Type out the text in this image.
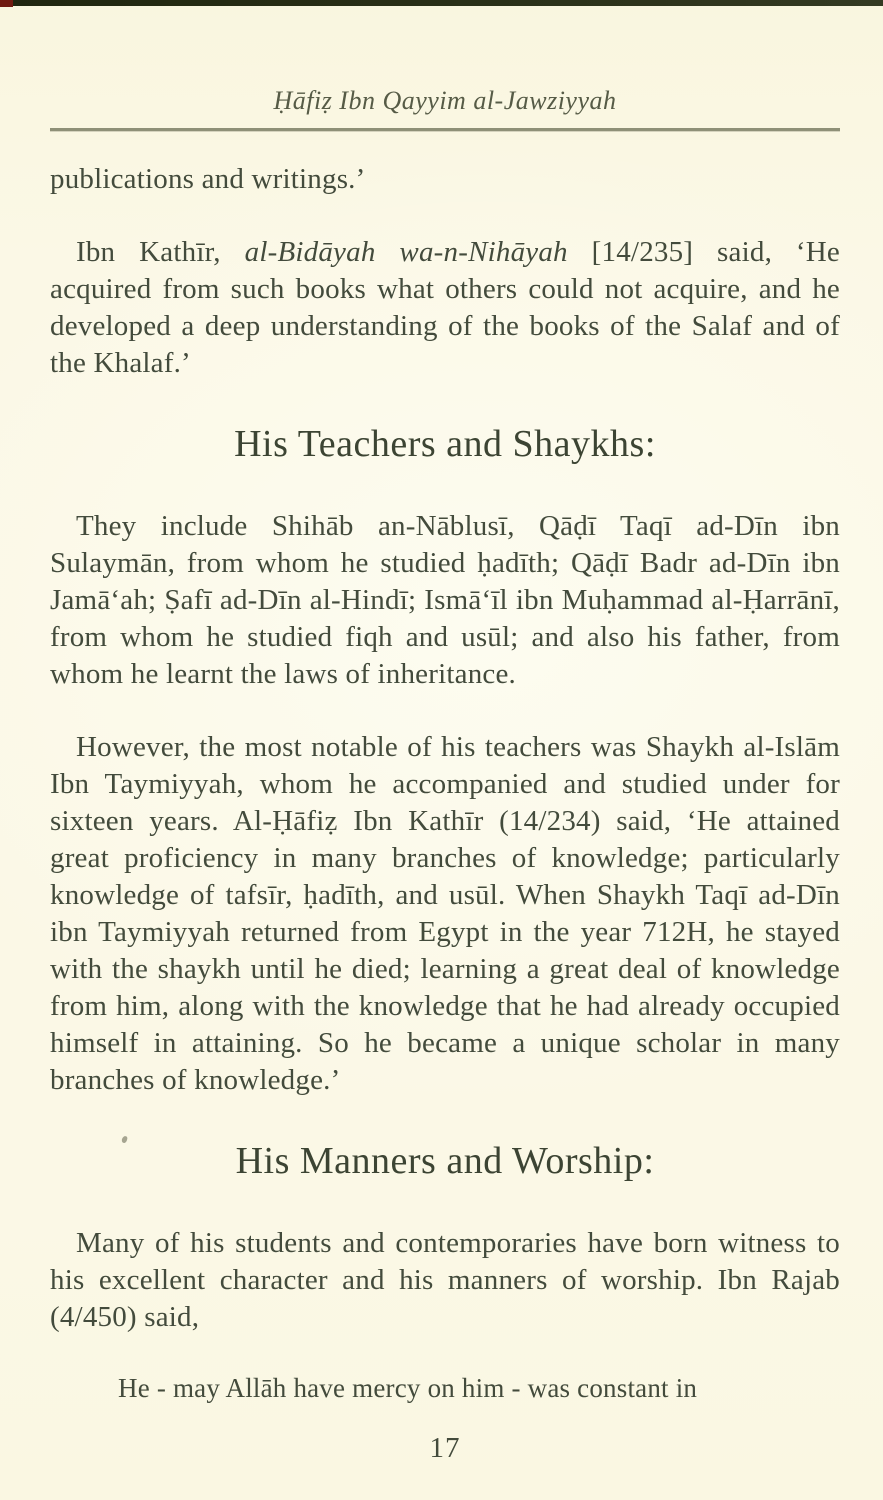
Ḥāfiẓ Ibn Qayyim al-Jawziyyah

publications and writings.’

Ibn Kathīr, al-Bidāyah wa-n-Nihāyah [14/235] said, ‘He acquired from such books what others could not acquire, and he developed a deep understanding of the books of the Salaf and of the Khalaf.’

His Teachers and Shaykhs:

They include Shihāb an-Nāblusī, Qāḍī Taqī ad-Dīn ibn Sulaymān, from whom he studied ḥadīth; Qāḍī Badr ad-Dīn ibn Jamā‘ah; Ṣafī ad-Dīn al-Hindī; Ismā‘īl ibn Muḥammad al-Ḥarrānī, from whom he studied fiqh and usūl; and also his father, from whom he learnt the laws of inheritance.

However, the most notable of his teachers was Shaykh al-Islām Ibn Taymiyyah, whom he accompanied and studied under for sixteen years. Al-Ḥāfiẓ Ibn Kathīr (14/234) said, ‘He attained great proficiency in many branches of knowledge; particularly knowledge of tafsīr, ḥadīth, and usūl. When Shaykh Taqī ad-Dīn ibn Taymiyyah returned from Egypt in the year 712H, he stayed with the shaykh until he died; learning a great deal of knowledge from him, along with the knowledge that he had already occupied himself in attaining. So he became a unique scholar in many branches of knowledge.’

His Manners and Worship:

Many of his students and contemporaries have born witness to his excellent character and his manners of worship. Ibn Rajab (4/450) said,

He - may Allāh have mercy on him - was constant in

17
